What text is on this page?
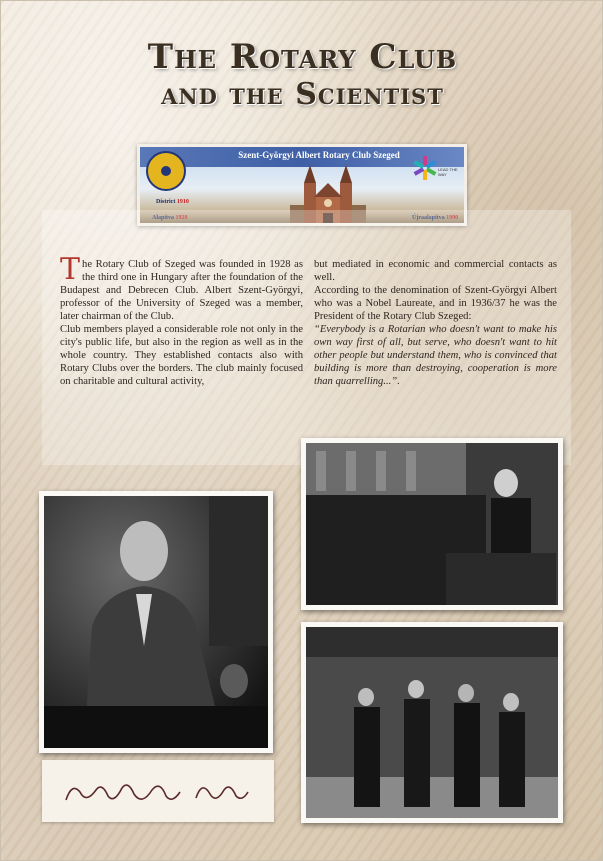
The Rotary Club
and the Scientist
Szent-Györgyi Albert Rotary Club Szeged
District 1910
Alapítva 1928	Újraalapítva 1990
LEAD THE WAY

The Rotary Club of Szeged was founded in 1928 as the third one in Hungary after the foundation of the Budapest and Debrecen Club. Albert Szent-Györgyi, professor of the University of Szeged was a member, later chairman of the Club.

Club members played a considerable role not only in the city's public life, but also in the region as well as in the whole country. They established contacts also with Rotary Clubs over the borders. The club mainly focused on charitable and cultural activity,

but mediated in economic and commercial contacts as well.

According to the denomination of Szent-Györgyi Albert who was a Nobel Laureate, and in 1936/37 he was the President of the Rotary Club Szeged:

“Everybody is a Rotarian who doesn't want to make his own way first of all, but serve, who doesn't want to hit other people but understand them, who is convinced that building is more than destroying, cooperation is more than quarrelling...”.
